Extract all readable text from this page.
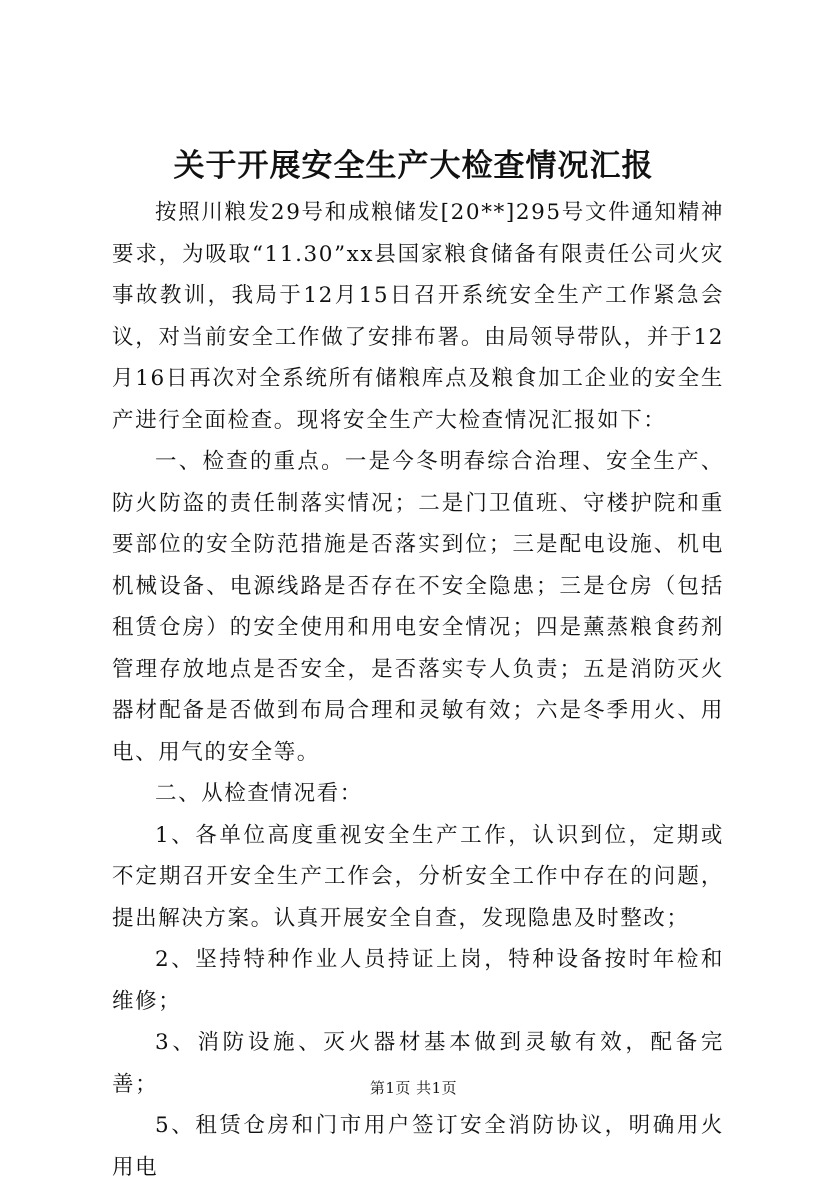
关于开展安全生产大检查情况汇报

按照川粮发29号和成粮储发[20**]295号文件通知精神要求，为吸取“11.30”xx县国家粮食储备有限责任公司火灾事故教训，我局于12月15日召开系统安全生产工作紧急会议，对当前安全工作做了安排布署。由局领导带队，并于12月16日再次对全系统所有储粮库点及粮食加工企业的安全生产进行全面检查。现将安全生产大检查情况汇报如下：

一、检查的重点。一是今冬明春综合治理、安全生产、防火防盗的责任制落实情况；二是门卫值班、守楼护院和重要部位的安全防范措施是否落实到位；三是配电设施、机电机械设备、电源线路是否存在不安全隐患；三是仓房（包括租赁仓房）的安全使用和用电安全情况；四是薰蒸粮食药剂管理存放地点是否安全，是否落实专人负责；五是消防灭火器材配备是否做到布局合理和灵敏有效；六是冬季用火、用电、用气的安全等。

二、从检查情况看：

1、各单位高度重视安全生产工作，认识到位，定期或不定期召开安全生产工作会，分析安全工作中存在的问题，提出解决方案。认真开展安全自查，发现隐患及时整改；

2、坚持特种作业人员持证上岗，特种设备按时年检和维修；

3、消防设施、灭火器材基本做到灵敏有效，配备完善；

5、租赁仓房和门市用户签订安全消防协议，明确用火用电

第1页 共1页
